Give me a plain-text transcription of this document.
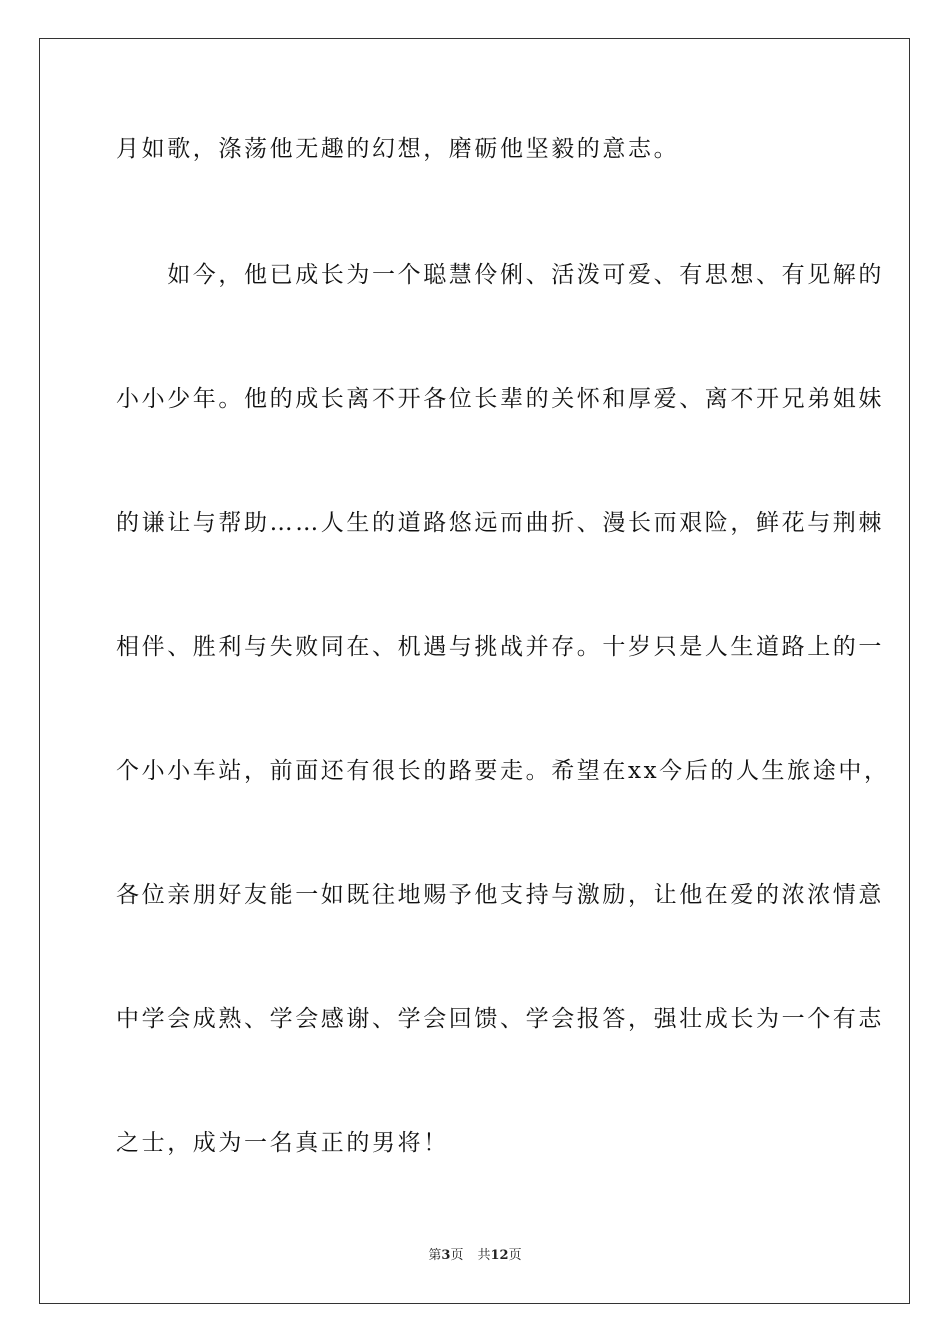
月如歌，涤荡他无趣的幻想，磨砺他坚毅的意志。
　　如今，他已成长为一个聪慧伶俐、活泼可爱、有思想、有见解的
小小少年。他的成长离不开各位长辈的关怀和厚爱、离不开兄弟姐妹
的谦让与帮助……人生的道路悠远而曲折、漫长而艰险，鲜花与荆棘
相伴、胜利与失败同在、机遇与挑战并存。十岁只是人生道路上的一
个小小车站，前面还有很长的路要走。希望在xx今后的人生旅途中，
各位亲朋好友能一如既往地赐予他支持与激励，让他在爱的浓浓情意
中学会成熟、学会感谢、学会回馈、学会报答，强壮成长为一个有志
之士，成为一名真正的男将！
第3页 共12页
